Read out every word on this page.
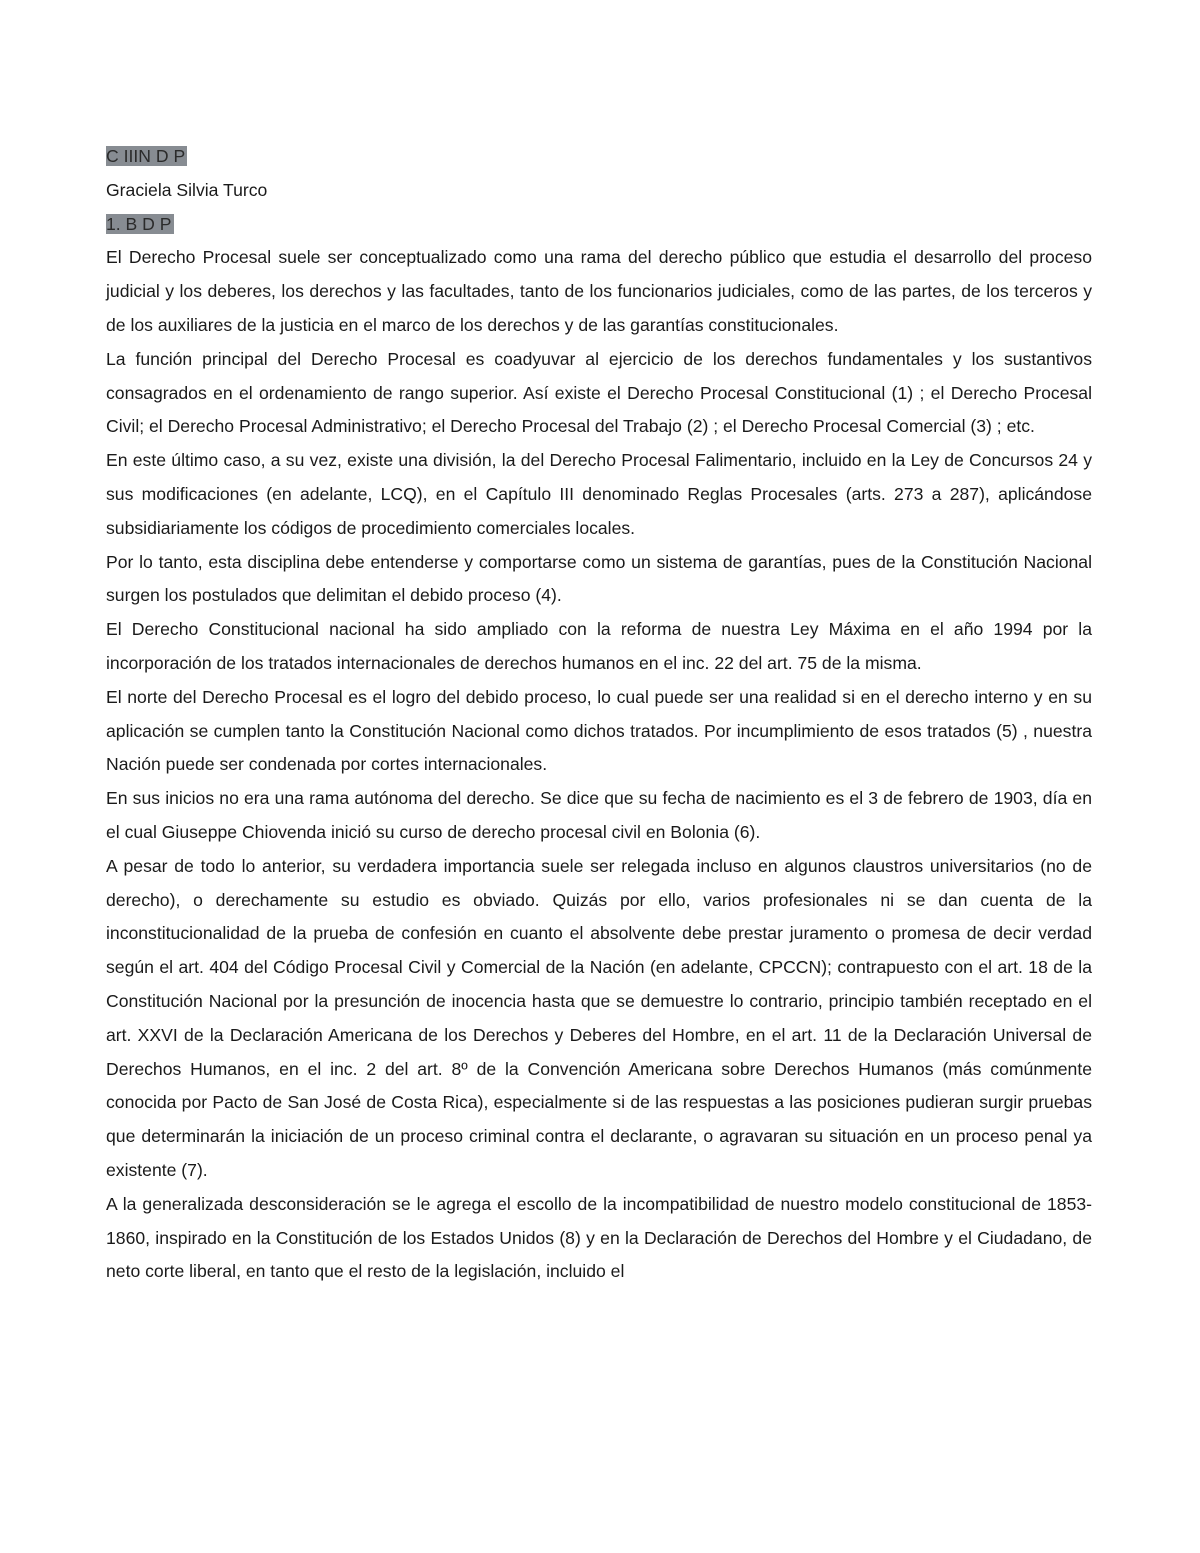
C IIIN D P
Graciela Silvia Turco
1. B D P

El Derecho Procesal suele ser conceptualizado como una rama del derecho público que estudia el desarrollo del proceso judicial y los deberes, los derechos y las facultades, tanto de los funcionarios judiciales, como de las partes, de los terceros y de los auxiliares de la justicia en el marco de los derechos y de las garantías constitucionales.

La función principal del Derecho Procesal es coadyuvar al ejercicio de los derechos fundamentales y los sustantivos consagrados en el ordenamiento de rango superior. Así existe el Derecho Procesal Constitucional (1) ; el Derecho Procesal Civil; el Derecho Procesal Administrativo; el Derecho Procesal del Trabajo (2) ; el Derecho Procesal Comercial (3) ; etc.

En este último caso, a su vez, existe una división, la del Derecho Procesal Falimentario, incluido en la Ley de Concursos 24 y sus modificaciones (en adelante, LCQ), en el Capítulo III denominado Reglas Procesales (arts. 273 a 287), aplicándose subsidiariamente los códigos de procedimiento comerciales locales.

Por lo tanto, esta disciplina debe entenderse y comportarse como un sistema de garantías, pues de la Constitución Nacional surgen los postulados que delimitan el debido proceso (4).

El Derecho Constitucional nacional ha sido ampliado con la reforma de nuestra Ley Máxima en el año 1994 por la incorporación de los tratados internacionales de derechos humanos en el inc. 22 del art. 75 de la misma.

El norte del Derecho Procesal es el logro del debido proceso, lo cual puede ser una realidad si en el derecho interno y en su aplicación se cumplen tanto la Constitución Nacional como dichos tratados. Por incumplimiento de esos tratados (5) , nuestra Nación puede ser condenada por cortes internacionales.

En sus inicios no era una rama autónoma del derecho. Se dice que su fecha de nacimiento es el 3 de febrero de 1903, día en el cual Giuseppe Chiovenda inició su curso de derecho procesal civil en Bolonia (6).

A pesar de todo lo anterior, su verdadera importancia suele ser relegada incluso en algunos claustros universitarios (no de derecho), o derechamente su estudio es obviado. Quizás por ello, varios profesionales ni se dan cuenta de la inconstitucionalidad de la prueba de confesión en cuanto el absolvente debe prestar juramento o promesa de decir verdad según el art. 404 del Código Procesal Civil y Comercial de la Nación (en adelante, CPCCN); contrapuesto con el art. 18 de la Constitución Nacional por la presunción de inocencia hasta que se demuestre lo contrario, principio también receptado en el art. XXVI de la Declaración Americana de los Derechos y Deberes del Hombre, en el art. 11 de la Declaración Universal de Derechos Humanos, en el inc. 2 del art. 8º de la Convención Americana sobre Derechos Humanos (más comúnmente conocida por Pacto de San José de Costa Rica), especialmente si de las respuestas a las posiciones pudieran surgir pruebas que determinarán la iniciación de un proceso criminal contra el declarante, o agravaran su situación en un proceso penal ya existente (7).

A la generalizada desconsideración se le agrega el escollo de la incompatibilidad de nuestro modelo constitucional de 1853-1860, inspirado en la Constitución de los Estados Unidos (8) y en la Declaración de Derechos del Hombre y el Ciudadano, de neto corte liberal, en tanto que el resto de la legislación, incluido el
